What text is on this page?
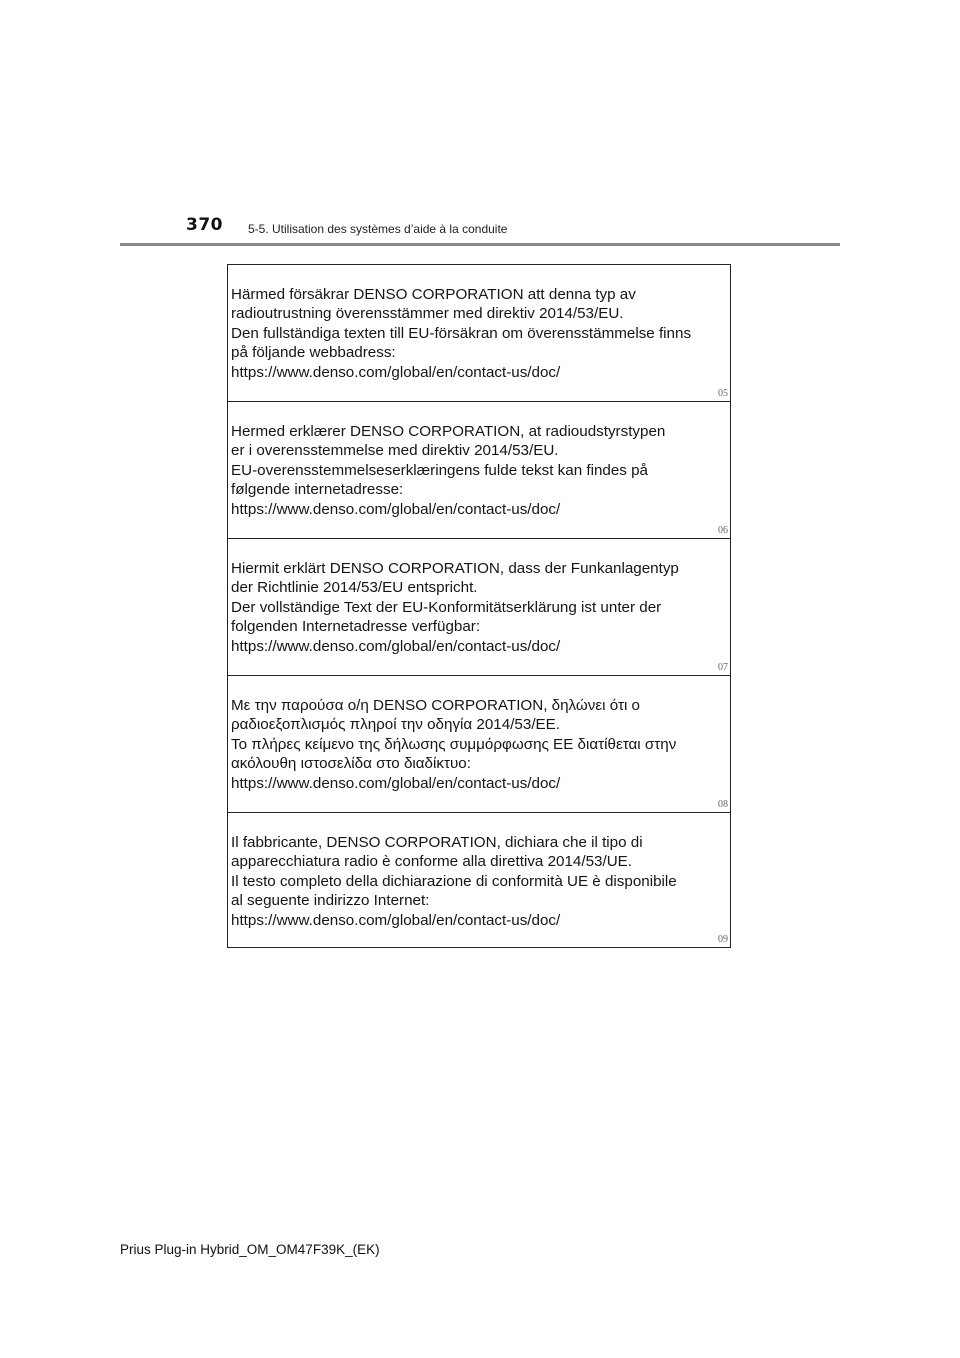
370 5-5. Utilisation des systèmes d’aide à la conduite
Härmed försäkrar DENSO CORPORATION att denna typ av
radioutrustning överensstämmer med direktiv 2014/53/EU.
Den fullständiga texten till EU-försäkran om överensstämmelse finns
på följande webbadress:
https://www.denso.com/global/en/contact-us/doc/
05
Hermed erklærer DENSO CORPORATION, at radioudstyrstypen
er i overensstemmelse med direktiv 2014/53/EU.
EU-overensstemmelseserklæringens fulde tekst kan findes på
følgende internetadresse:
https://www.denso.com/global/en/contact-us/doc/
06
Hiermit erklärt DENSO CORPORATION, dass der Funkanlagentyp
der Richtlinie 2014/53/EU entspricht.
Der vollständige Text der EU-Konformitätserklärung ist unter der
folgenden Internetadresse verfügbar:
https://www.denso.com/global/en/contact-us/doc/
07
Με την παρούσα ο/η DENSO CORPORATION, δηλώνει ότι ο
ραδιοεξοπλισμός πληροί την οδηγία 2014/53/ΕΕ.
Το πλήρες κείμενο της δήλωσης συμμόρφωσης ΕΕ διατίθεται στην
ακόλουθη ιστοσελίδα στο διαδίκτυο:
https://www.denso.com/global/en/contact-us/doc/
08
Il fabbricante, DENSO CORPORATION, dichiara che il tipo di
apparecchiatura radio è conforme alla direttiva 2014/53/UE.
Il testo completo della dichiarazione di conformità UE è disponibile
al seguente indirizzo Internet:
https://www.denso.com/global/en/contact-us/doc/
09
Prius Plug-in Hybrid_OM_OM47F39K_(EK)
